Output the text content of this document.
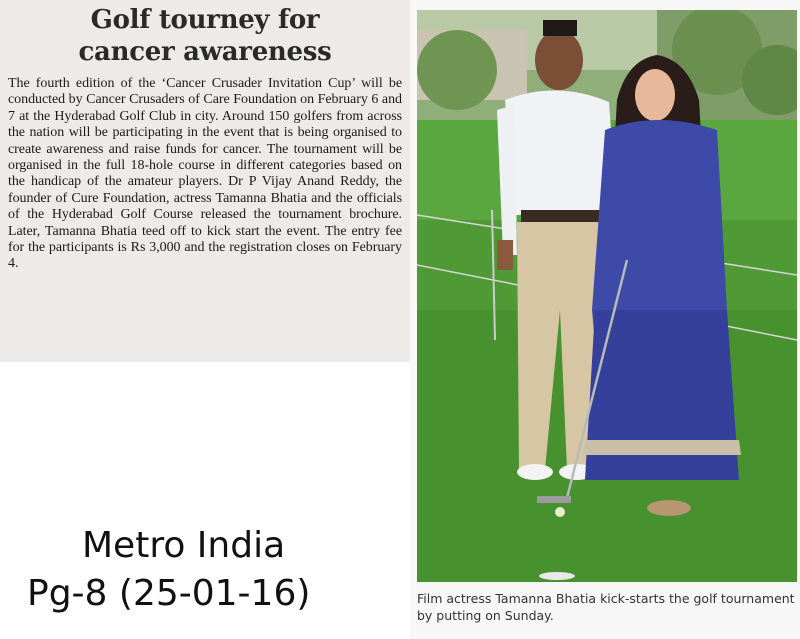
Golf tourney for
cancer awareness

The fourth edition of the ‘Cancer Crusader Invitation Cup’ will be conducted by Cancer Crusaders of Care Foundation on February 6 and 7 at the Hyderabad Golf Club in city. Around 150 golfers from across the nation will be participating in the event that is being organised to create awareness and raise funds for cancer. The tournament will be organised in the full 18-hole course in different categories based on the handicap of the amateur players. Dr P Vijay Anand Reddy, the founder of Cure Foundation, actress Tamanna Bhatia and the officials of the Hyderabad Golf Course released the tournament brochure. Later, Tamanna Bhatia teed off to kick start the event. The entry fee for the participants is Rs 3,000 and the registration closes on February 4.

Film actress Tamanna Bhatia kick-starts the golf tournament by putting on Sunday.
Metro India
Pg-8 (25-01-16)
